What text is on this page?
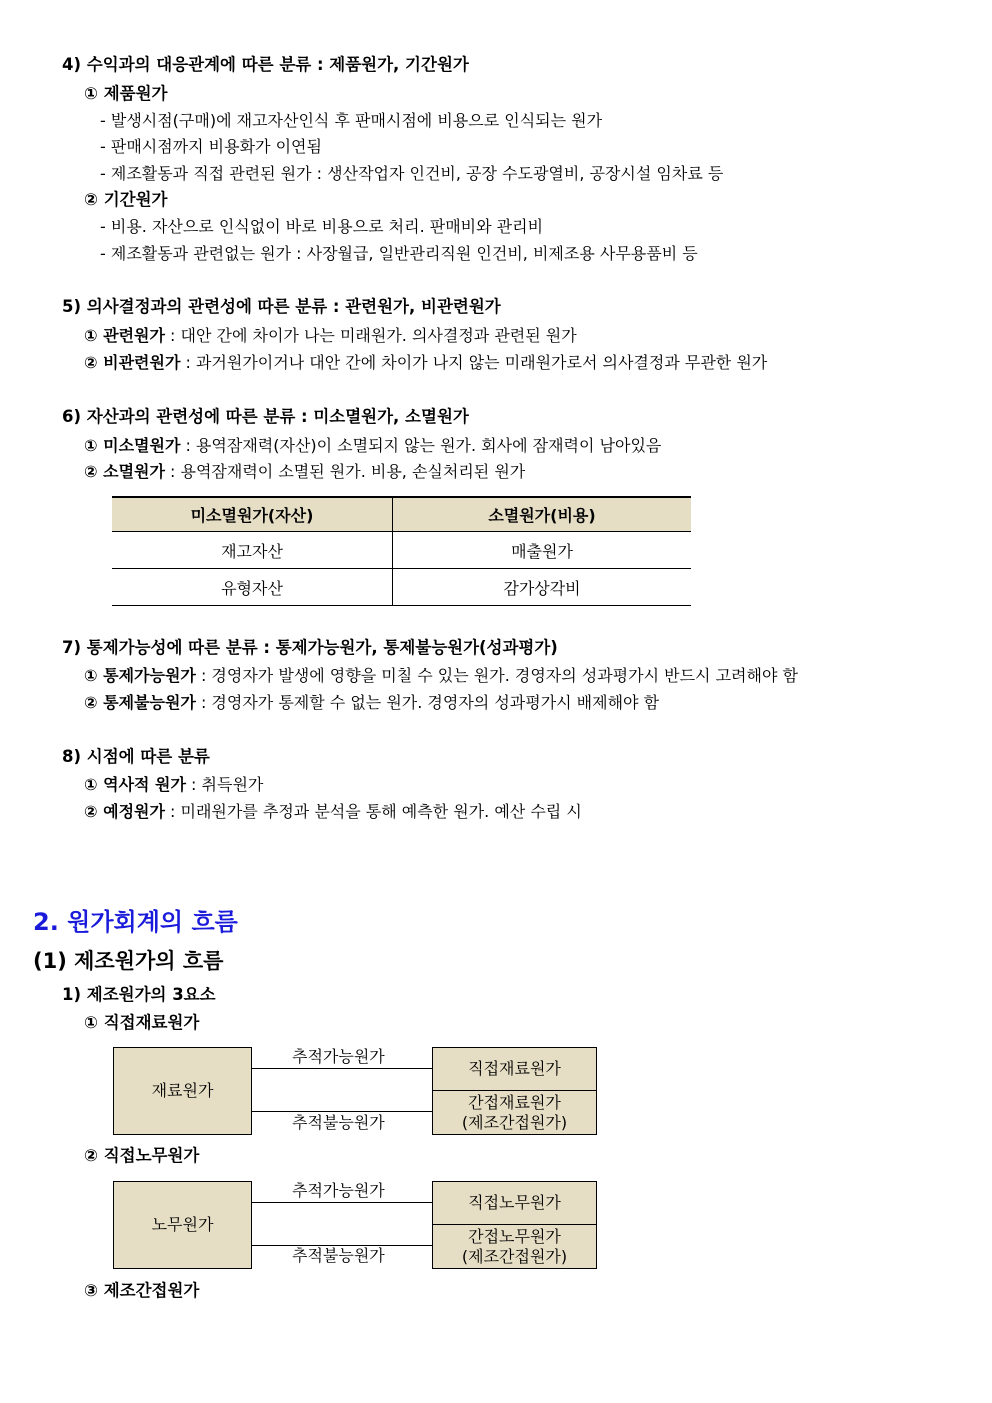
4) 수익과의 대응관계에 따른 분류 : 제품원가, 기간원가
① 제품원가
- 발생시점(구매)에 재고자산인식 후 판매시점에 비용으로 인식되는 원가
- 판매시점까지 비용화가 이연됨
- 제조활동과 직접 관련된 원가 : 생산작업자 인건비, 공장 수도광열비, 공장시설 임차료 등
② 기간원가
- 비용. 자산으로 인식없이 바로 비용으로 처리. 판매비와 관리비
- 제조활동과 관련없는 원가 : 사장월급, 일반관리직원 인건비, 비제조용 사무용품비 등
5) 의사결정과의 관련성에 따른 분류 : 관련원가, 비관련원가
① 관련원가 : 대안 간에 차이가 나는 미래원가. 의사결정과 관련된 원가
② 비관련원가 : 과거원가이거나 대안 간에 차이가 나지 않는 미래원가로서 의사결정과 무관한 원가
6) 자산과의 관련성에 따른 분류 : 미소멸원가, 소멸원가
① 미소멸원가 : 용역잠재력(자산)이 소멸되지 않는 원가. 회사에 잠재력이 남아있음
② 소멸원가 : 용역잠재력이 소멸된 원가. 비용, 손실처리된 원가
미소멸원가(자산)	소멸원가(비용)
재고자산	매출원가
유형자산	감가상각비
7) 통제가능성에 따른 분류 : 통제가능원가, 통제불능원가(성과평가)
① 통제가능원가 : 경영자가 발생에 영향을 미칠 수 있는 원가. 경영자의 성과평가시 반드시 고려해야 함
② 통제불능원가 : 경영자가 통제할 수 없는 원가. 경영자의 성과평가시 배제해야 함
8) 시점에 따른 분류
① 역사적 원가 : 취득원가
② 예정원가 : 미래원가를 추정과 분석을 통해 예측한 원가. 예산 수립 시
2. 원가회계의 흐름
(1) 제조원가의 흐름
1) 제조원가의 3요소
① 직접재료원가
재료원가
추적가능원가
추적불능원가
직접재료원가
간접재료원가
(제조간접원가)
② 직접노무원가
노무원가
추적가능원가
추적불능원가
직접노무원가
간접노무원가
(제조간접원가)
③ 제조간접원가
